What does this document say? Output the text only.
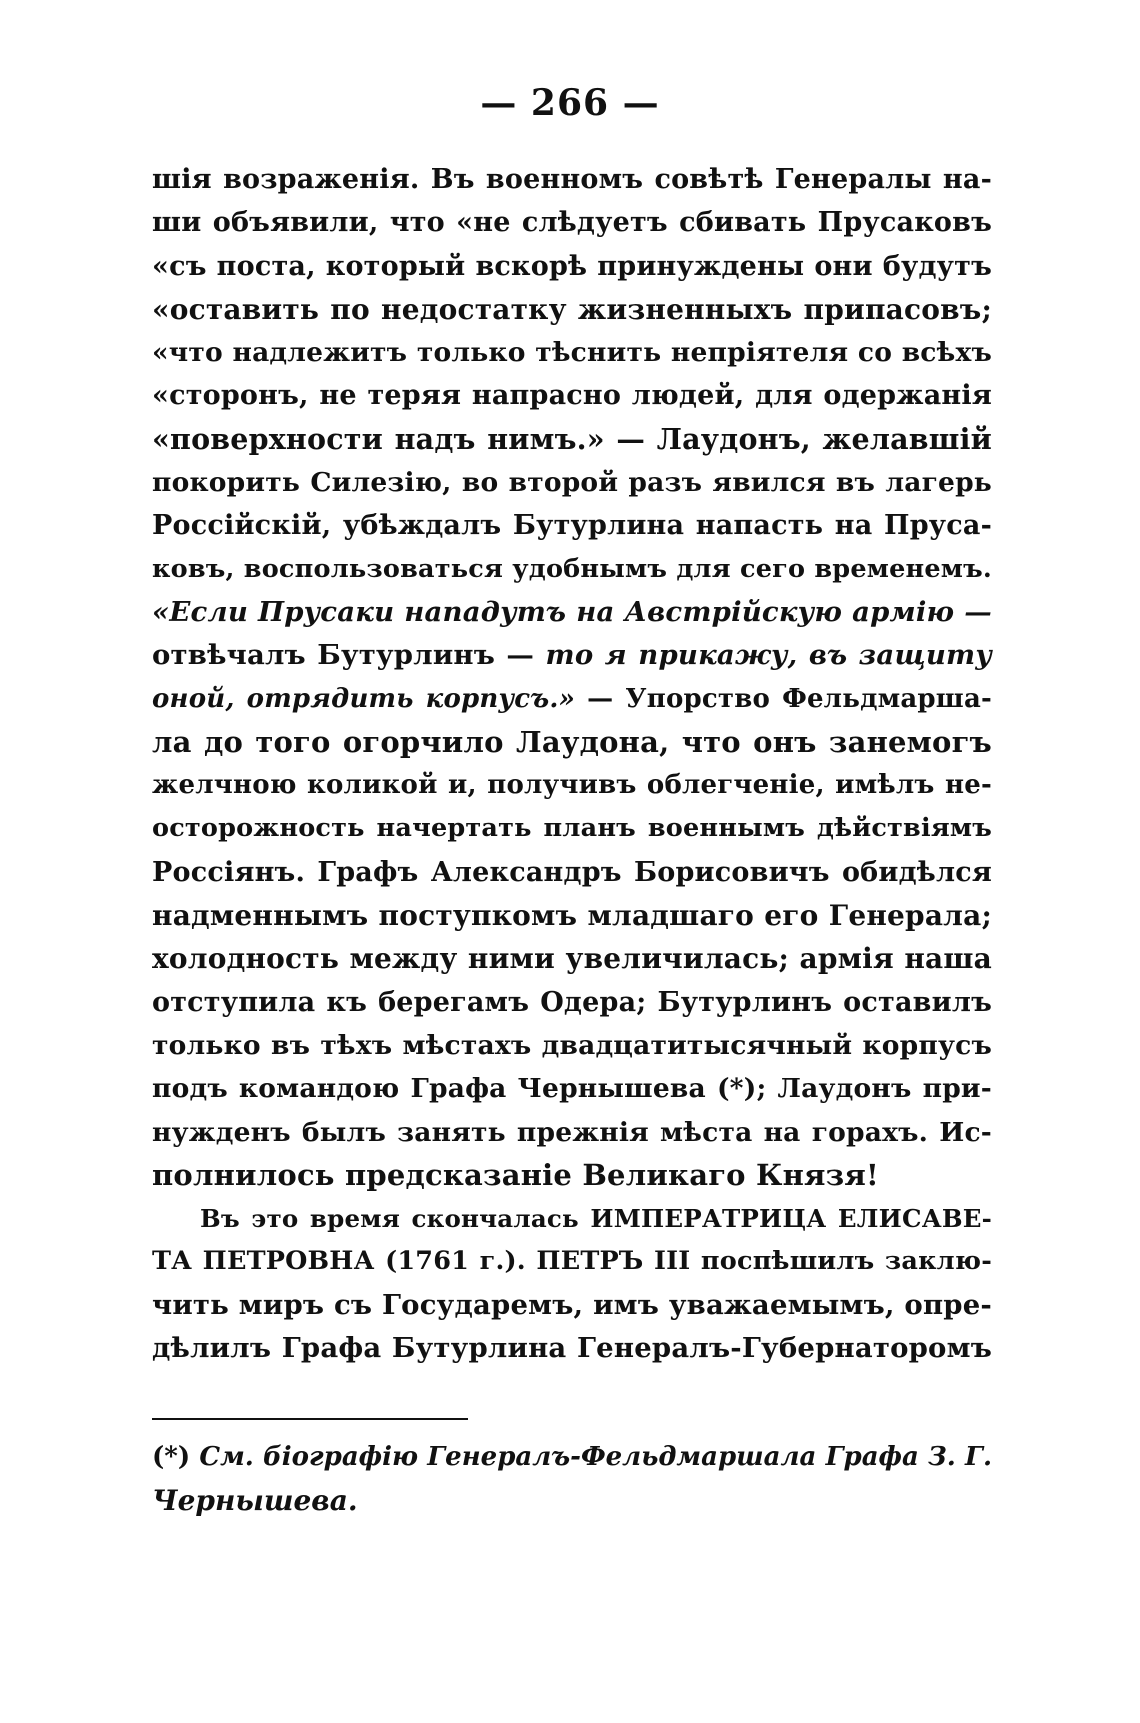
— 266 —
шія возраженія. Въ военномъ совѣтѣ Генералы на-
ши объявили, что «не слѣдуетъ сбивать Прусаковъ
«съ поста, который вскорѣ принуждены они будутъ
«оставить по недостатку жизненныхъ припасовъ;
«что надлежитъ только тѣснить непріятеля со всѣхъ
«сторонъ, не теряя напрасно людей, для одержанія
«поверхности надъ нимъ.» — Лаудонъ, желавшій
покорить Силезію, во второй разъ явился въ лагерь
Россійскій, убѣждалъ Бутурлина напасть на Пруса-
ковъ, воспользоваться удобнымъ для сего временемъ.
«Если Прусаки нападутъ на Австрійскую армію —
отвѣчалъ Бутурлинъ — то я прикажу, въ защиту
оной, отрядить корпусъ.» — Упорство Фельдмарша-
ла до того огорчило Лаудона, что онъ занемогъ
желчною коликой и, получивъ облегченіе, имѣлъ не-
осторожность начертать планъ военнымъ дѣйствіямъ
Россіянъ. Графъ Александръ Борисовичъ обидѣлся
надменнымъ поступкомъ младшаго его Генерала;
холодность между ними увеличилась; армія наша
отступила къ берегамъ Одера; Бутурлинъ оставилъ
только въ тѣхъ мѣстахъ двадцатитысячный корпусъ
подъ командою Графа Чернышева (*); Лаудонъ при-
нужденъ былъ занять прежнія мѣста на горахъ. Ис-
полнилось предсказаніе Великаго Князя!
Въ это время скончалась ИМПЕРАТРИЦА ЕЛИСАВЕ-
ТА ПЕТРОВНА (1761 г.). ПЕТРЪ III поспѣшилъ заклю-
чить миръ съ Государемъ, имъ уважаемымъ, опре-
дѣлилъ Графа Бутурлина Генералъ-Губернаторомъ
(*) См. біографію Генералъ-Фельдмаршала Графа З. Г.
Чернышева.
